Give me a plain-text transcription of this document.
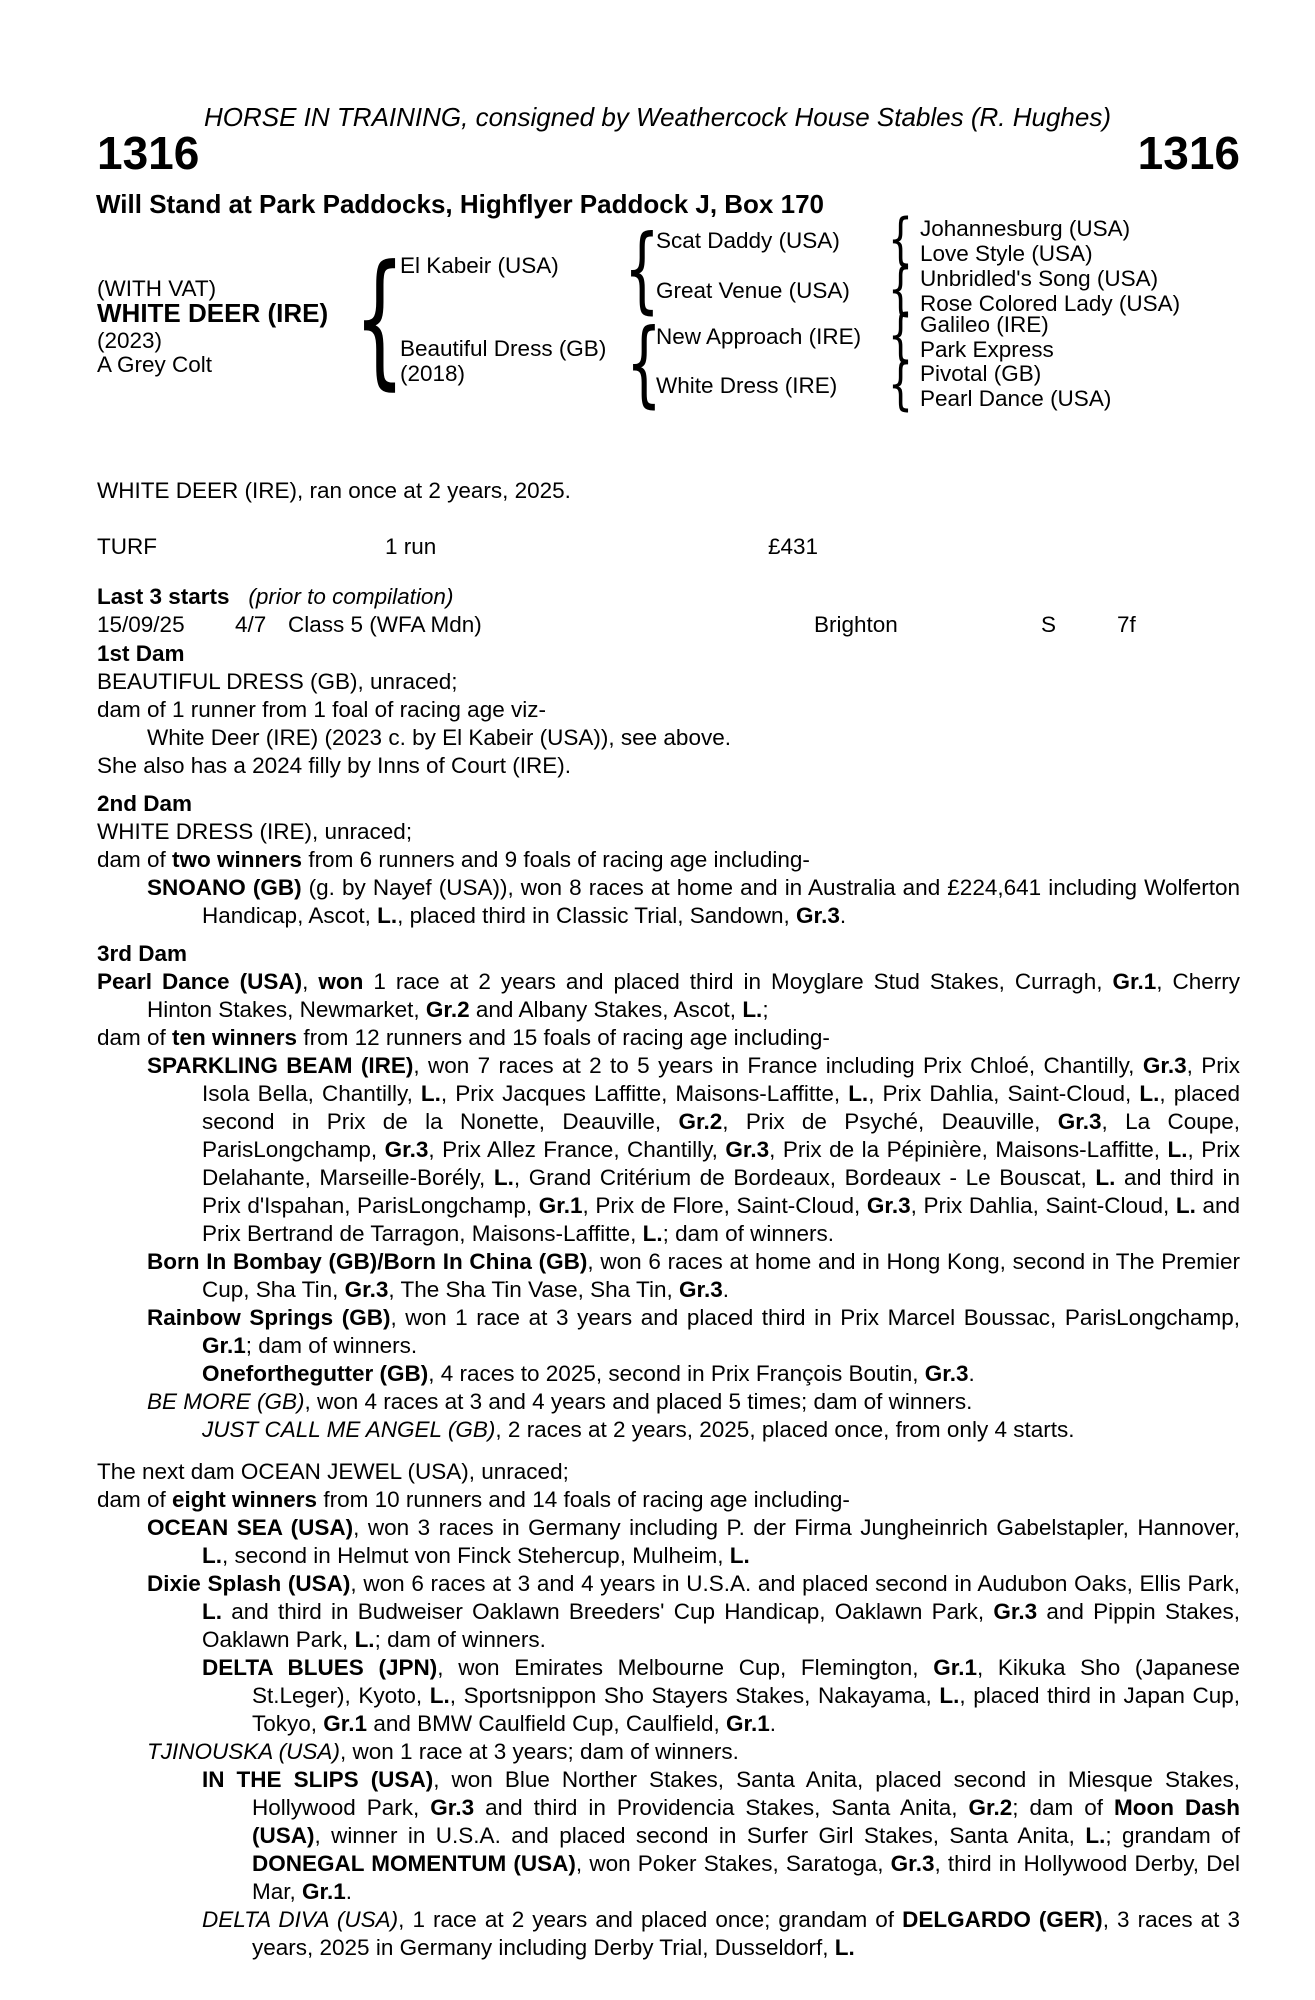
HORSE IN TRAINING, consigned by Weathercock House Stables (R. Hughes)
1316	1316
Will Stand at Park Paddocks, Highflyer Paddock J, Box 170
(WITH VAT)
WHITE DEER (IRE)
(2023)
A Grey Colt {
El Kabeir (USA)
Beautiful Dress (GB)
(2018)
{
{
Scat Daddy (USA)
Great Venue (USA)
New Approach (IRE)
White Dress (IRE)
{
{
{
{
Johannesburg (USA)
Love Style (USA)
Unbridled's Song (USA)
Rose Colored Lady (USA)
Galileo (IRE)
Park Express
Pivotal (GB)
Pearl Dance (USA)
WHITE DEER (IRE), ran once at 2 years, 2025.
TURF	1 run	£431
Last 3 starts (prior to compilation)
15/09/25 4/7 Class 5 (WFA Mdn)	Brighton	S	7f
1st Dam
BEAUTIFUL DRESS (GB), unraced;
dam of 1 runner from 1 foal of racing age viz-
White Deer (IRE) (2023 c. by El Kabeir (USA)), see above.
She also has a 2024 filly by Inns of Court (IRE).
2nd Dam
WHITE DRESS (IRE), unraced;
dam of two winners from 6 runners and 9 foals of racing age including-
SNOANO (GB) (g. by Nayef (USA)), won 8 races at home and in Australia and £224,641 including Wolferton Handicap, Ascot, L., placed third in Classic Trial, Sandown, Gr.3.
3rd Dam
Pearl Dance (USA), won 1 race at 2 years and placed third in Moyglare Stud Stakes, Curragh, Gr.1, Cherry Hinton Stakes, Newmarket, Gr.2 and Albany Stakes, Ascot, L.;
dam of ten winners from 12 runners and 15 foals of racing age including-
SPARKLING BEAM (IRE), won 7 races at 2 to 5 years in France including Prix Chloé, Chantilly, Gr.3, Prix Isola Bella, Chantilly, L., Prix Jacques Laffitte, Maisons-Laffitte, L., Prix Dahlia, Saint-Cloud, L., placed second in Prix de la Nonette, Deauville, Gr.2, Prix de Psyché, Deauville, Gr.3, La Coupe, ParisLongchamp, Gr.3, Prix Allez France, Chantilly, Gr.3, Prix de la Pépinière, Maisons-Laffitte, L., Prix Delahante, Marseille-Borély, L., Grand Critérium de Bordeaux, Bordeaux - Le Bouscat, L. and third in Prix d'Ispahan, ParisLongchamp, Gr.1, Prix de Flore, Saint-Cloud, Gr.3, Prix Dahlia, Saint-Cloud, L. and Prix Bertrand de Tarragon, Maisons-Laffitte, L.; dam of winners.
Born In Bombay (GB)/Born In China (GB), won 6 races at home and in Hong Kong, second in The Premier Cup, Sha Tin, Gr.3, The Sha Tin Vase, Sha Tin, Gr.3.
Rainbow Springs (GB), won 1 race at 3 years and placed third in Prix Marcel Boussac, ParisLongchamp, Gr.1; dam of winners.
Oneforthegutter (GB), 4 races to 2025, second in Prix François Boutin, Gr.3.
BE MORE (GB), won 4 races at 3 and 4 years and placed 5 times; dam of winners.
JUST CALL ME ANGEL (GB), 2 races at 2 years, 2025, placed once, from only 4 starts.
The next dam OCEAN JEWEL (USA), unraced;
dam of eight winners from 10 runners and 14 foals of racing age including-
OCEAN SEA (USA), won 3 races in Germany including P. der Firma Jungheinrich Gabelstapler, Hannover, L., second in Helmut von Finck Stehercup, Mulheim, L.
Dixie Splash (USA), won 6 races at 3 and 4 years in U.S.A. and placed second in Audubon Oaks, Ellis Park, L. and third in Budweiser Oaklawn Breeders' Cup Handicap, Oaklawn Park, Gr.3 and Pippin Stakes, Oaklawn Park, L.; dam of winners.
DELTA BLUES (JPN), won Emirates Melbourne Cup, Flemington, Gr.1, Kikuka Sho (Japanese St.Leger), Kyoto, L., Sportsnippon Sho Stayers Stakes, Nakayama, L., placed third in Japan Cup, Tokyo, Gr.1 and BMW Caulfield Cup, Caulfield, Gr.1.
TJINOUSKA (USA), won 1 race at 3 years; dam of winners.
IN THE SLIPS (USA), won Blue Norther Stakes, Santa Anita, placed second in Miesque Stakes, Hollywood Park, Gr.3 and third in Providencia Stakes, Santa Anita, Gr.2; dam of Moon Dash (USA), winner in U.S.A. and placed second in Surfer Girl Stakes, Santa Anita, L.; grandam of DONEGAL MOMENTUM (USA), won Poker Stakes, Saratoga, Gr.3, third in Hollywood Derby, Del Mar, Gr.1.
DELTA DIVA (USA), 1 race at 2 years and placed once; grandam of DELGARDO (GER), 3 races at 3 years, 2025 in Germany including Derby Trial, Dusseldorf, L.
